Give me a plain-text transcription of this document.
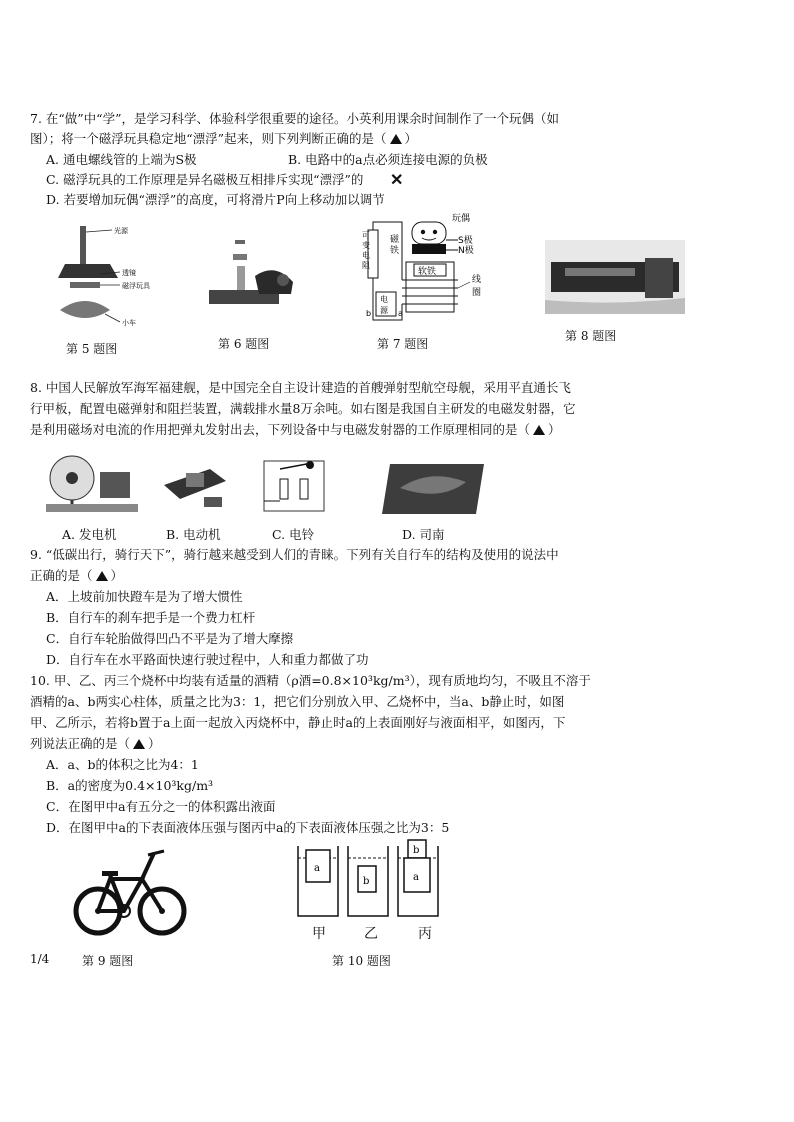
7. 在“做”中“学”，是学习科学、体验科学很重要的途径。小英利用课余时间制作了一个玩偶（如
图）；将一个磁浮玩具稳定地“漂浮”起来，则下列判断正确的是（ ）
A. 通电螺线管的上端为S极	B. 电路中的a点必须连接电源的负极
C. 磁浮玩具的工作原理是异名磁极互相排斥实现“漂浮”的 ✕
D. 若要增加玩偶“漂浮”的高度，可将滑片P向上移动加以调节
光源
透镜
磁浮玩具
小车
玩偶
磁
铁
S极
N极
软铁
线
圈
可
变
电
阻
电
源
b	a
第 5 题图	第 6 题图	第 7 题图
第 8 题图
8. 中国人民解放军海军福建舰，是中国完全自主设计建造的首艘弹射型航空母舰，采用平直通长飞
行甲板，配置电磁弹射和阻拦装置，满载排水量8万余吨。如右图是我国自主研发的电磁发射器，它
是利用磁场对电流的作用把弹丸发射出去，下列设备中与电磁发射器的工作原理相同的是（ ）
A. 发电机	B. 电动机	C. 电铃	D. 司南
9. “低碳出行，骑行天下”，骑行越来越受到人们的青睐。下列有关自行车的结构及使用的说法中
正确的是（ ）
A．上坡前加快蹬车是为了增大惯性
B．自行车的刹车把手是一个费力杠杆
C．自行车轮胎做得凹凸不平是为了增大摩擦
D．自行车在水平路面快速行驶过程中，人和重力都做了功
10. 甲、乙、丙三个烧杯中均装有适量的酒精（ρ酒=0.8×10³kg/m³），现有质地均匀，不吸且不溶于
酒精的a、b两实心柱体，质量之比为3：1，把它们分别放入甲、乙烧杯中，当a、b静止时，如图
甲、乙所示，若将b置于a上面一起放入丙烧杯中，静止时a的上表面刚好与液面相平，如图丙，下
列说法正确的是（ ）
A．a、b的体积之比为4：1
B．a的密度为0.4×10³kg/m³
C．在图甲中a有五分之一的体积露出液面
D．在图甲中a的下表面液体压强与图丙中a的下表面液体压强之比为3：5
a
b
b
a
甲	乙	丙
1/4	第 9 题图	第 10 题图
